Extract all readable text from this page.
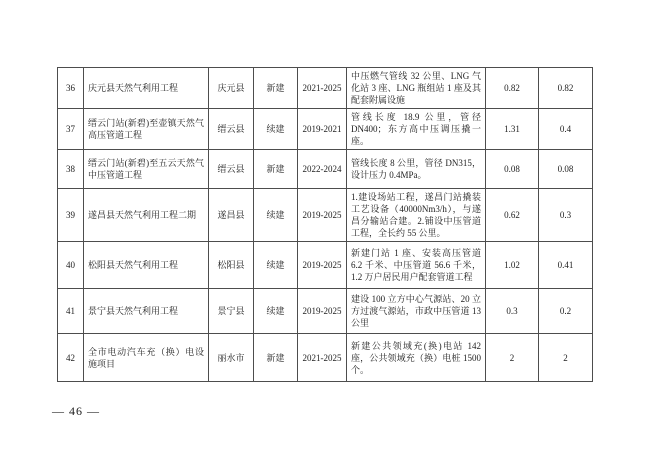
36	庆元县天然气利用工程	庆元县	新建	2021-2025	中压燃气管线 32 公里、LNG 气化站 3 座、LNG 瓶组站 1 座及其配套附属设施	0.82	0.82
37	缙云门站(新碧)至壶镇天然气高压管道工程	缙云县	续建	2019-2021	管线长度 18.9 公里，管径 DN400；东方高中压调压撬一座。	1.31	0.4
38	缙云门站(新碧)至五云天然气中压管道工程	缙云县	新建	2022-2024	管线长度 8 公里，管径 DN315，设计压力 0.4MPa。	0.08	0.08
39	遂昌县天然气利用工程二期	遂昌县	续建	2019-2025	1.建设场站工程，遂昌门站撬装工艺设备（40000Nm3/h），与遂昌分输站合建。2.铺设中压管道工程，全长约 55 公里。	0.62	0.3
40	松阳县天然气利用工程	松阳县	续建	2019-2025	新建门站 1 座、安装高压管道 6.2 千米、中压管道 56.6 千米，1.2 万户居民用户配套管道工程	1.02	0.41
41	景宁县天然气利用工程	景宁县	续建	2019-2025	建设 100 立方中心气源站、20 立方过渡气源站，市政中压管道 13 公里	0.3	0.2
42	全市电动汽车充（换）电设施项目	丽水市	新建	2021-2025	新建公共领域充(换)电站 142 座，公共领域充（换）电桩 1500 个。	2	2
— 46 —
